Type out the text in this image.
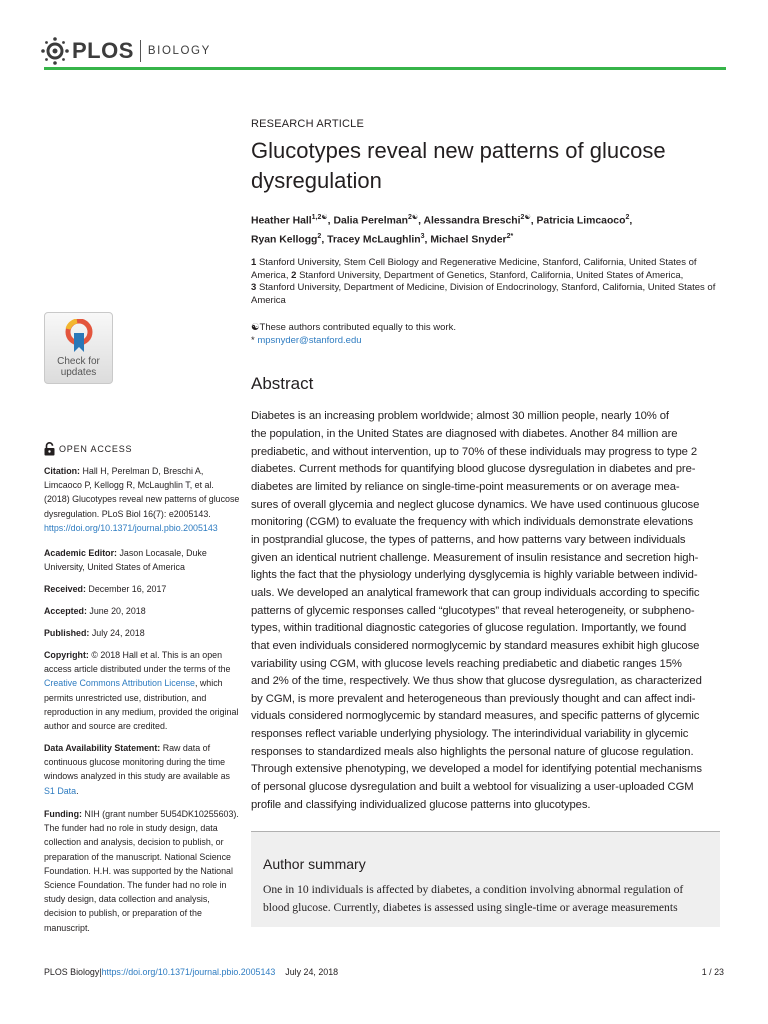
PLOS BIOLOGY
Check for
updates
OPEN ACCESS
Citation: Hall H, Perelman D, Breschi A, Limcaoco P, Kellogg R, McLaughlin T, et al. (2018) Glucotypes reveal new patterns of glucose dysregulation. PLoS Biol 16(7): e2005143. https://doi.org/10.1371/journal.pbio.2005143
Academic Editor: Jason Locasale, Duke University, United States of America
Received: December 16, 2017
Accepted: June 20, 2018
Published: July 24, 2018
Copyright: © 2018 Hall et al. This is an open access article distributed under the terms of the Creative Commons Attribution License, which permits unrestricted use, distribution, and reproduction in any medium, provided the original author and source are credited.
Data Availability Statement: Raw data of continuous glucose monitoring during the time windows analyzed in this study are available as S1 Data.
Funding: NIH (grant number 5U54DK10255603). The funder had no role in study design, data collection and analysis, decision to publish, or preparation of the manuscript. National Science Foundation. H.H. was supported by the National Science Foundation. The funder had no role in study design, data collection and analysis, decision to publish, or preparation of the manuscript.
RESEARCH ARTICLE
Glucotypes reveal new patterns of glucose
dysregulation
Heather Hall$^{1,2☯}$, Dalia Perelman$^{2☯}$, Alessandra Breschi$^{2☯}$, Patricia Limcaoco$^2$,
Ryan Kellogg$^2$, Tracey McLaughlin$^3$, Michael Snyder$^{2*}$
1 Stanford University, Stem Cell Biology and Regenerative Medicine, Stanford, California, United States of America, 2 Stanford University, Department of Genetics, Stanford, California, United States of America,
3 Stanford University, Department of Medicine, Division of Endocrinology, Stanford, California, United States of America
☯These authors contributed equally to this work.
* mpsnyder@stanford.edu
Abstract
Diabetes is an increasing problem worldwide; almost 30 million people, nearly 10% of
the population, in the United States are diagnosed with diabetes. Another 84 million are
prediabetic, and without intervention, up to 70% of these individuals may progress to type 2
diabetes. Current methods for quantifying blood glucose dysregulation in diabetes and pre-
diabetes are limited by reliance on single-time-point measurements or on average mea-
sures of overall glycemia and neglect glucose dynamics. We have used continuous glucose
monitoring (CGM) to evaluate the frequency with which individuals demonstrate elevations
in postprandial glucose, the types of patterns, and how patterns vary between individuals
given an identical nutrient challenge. Measurement of insulin resistance and secretion high-
lights the fact that the physiology underlying dysglycemia is highly variable between individ-
uals. We developed an analytical framework that can group individuals according to specific
patterns of glycemic responses called “glucotypes” that reveal heterogeneity, or subpheno-
types, within traditional diagnostic categories of glucose regulation. Importantly, we found
that even individuals considered normoglycemic by standard measures exhibit high glucose
variability using CGM, with glucose levels reaching prediabetic and diabetic ranges 15%
and 2% of the time, respectively. We thus show that glucose dysregulation, as characterized
by CGM, is more prevalent and heterogeneous than previously thought and can affect indi-
viduals considered normoglycemic by standard measures, and specific patterns of glycemic
responses reflect variable underlying physiology. The interindividual variability in glycemic
responses to standardized meals also highlights the personal nature of glucose regulation.
Through extensive phenotyping, we developed a model for identifying potential mechanisms
of personal glucose dysregulation and built a webtool for visualizing a user-uploaded CGM
profile and classifying individualized glucose patterns into glucotypes.
Author summary
One in 10 individuals is affected by diabetes, a condition involving abnormal regulation of
blood glucose. Currently, diabetes is assessed using single-time or average measurements
PLOS Biology | https://doi.org/10.1371/journal.pbio.2005143 July 24, 2018	1 / 23
